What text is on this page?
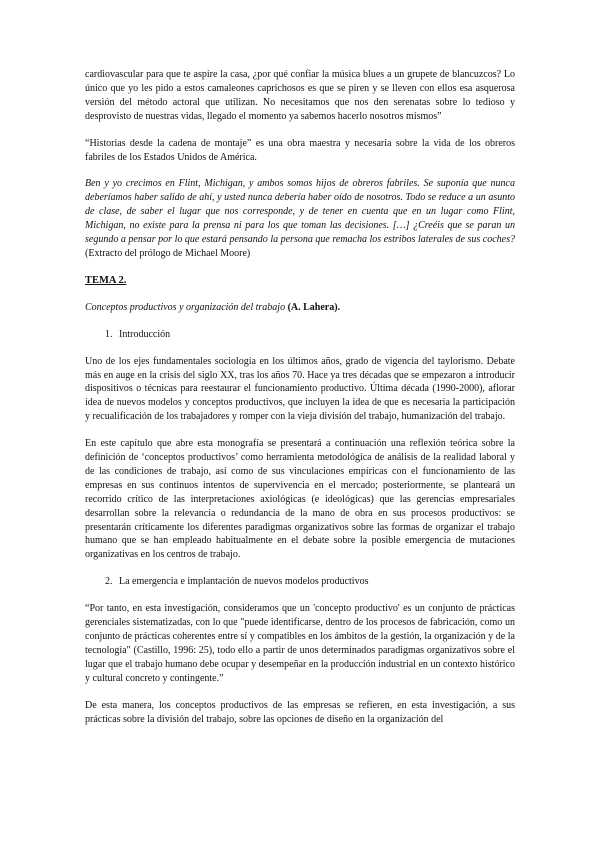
cardiovascular para que te aspire la casa, ¿por qué confiar la música blues a un grupete de blancuzcos? Lo único que yo les pido a estos camaleones caprichosos es que se piren y se lleven con ellos esa asquerosa versión del método actoral que utilizan. No necesitamos que nos den serenatas sobre lo tedioso y desprovisto de nuestras vidas, llegado el momento ya sabemos hacerlo nosotros mismos”

“Historias desde la cadena de montaje” es una obra maestra y necesaria sobre la vida de los obreros fabriles de los Estados Unidos de América.

Ben y yo crecimos en Flint, Michigan, y ambos somos hijos de obreros fabriles. Se suponía que nunca deberíamos haber salido de ahí, y usted nunca debería haber oído de nosotros. Todo se reduce a un asunto de clase, de saber el lugar que nos corresponde, y de tener en cuenta que en un lugar como Flint, Michigan, no existe para la prensa ni para los que toman las decisiones. […] ¿Creéis que se paran un segundo a pensar por lo que estará pensando la persona que remacha los estribos laterales de sus coches? (Extracto del prólogo de Michael Moore)

TEMA 2.

Conceptos productivos y organización del trabajo (A. Lahera).

1. Introducción

Uno de los ejes fundamentales sociología en los últimos años, grado de vigencia del taylorismo. Debate más en auge en la crisis del siglo XX, tras los años 70. Hace ya tres décadas que se empezaron a introducir dispositivos o técnicas para reestaurar el funcionamiento productivo. Última década (1990-2000), aflorar idea de nuevos modelos y conceptos productivos, que incluyen la idea de que es necesaria la participación y recualificación de los trabajadores y romper con la vieja división del trabajo, humanización del trabajo.

En este capítulo que abre esta monografía se presentará a continuación una reflexión teórica sobre la definición de ‘conceptos productivos’ como herramienta metodológica de análisis de la realidad laboral y de las condiciones de trabajo, así como de sus vinculaciones empíricas con el funcionamiento de las empresas en sus continuos intentos de supervivencia en el mercado; posteriormente, se planteará un recorrido crítico de las interpretaciones axiológicas (e ideológicas) que las gerencias empresariales desarrollan sobre la relevancia o redundancia de la mano de obra en sus procesos productivos: se presentarán críticamente los diferentes paradigmas organizativos sobre las formas de organizar el trabajo humano que se han empleado habitualmente en el debate sobre la posible emergencia de mutaciones organizativas en los centros de trabajo.

2. La emergencia e implantación de nuevos modelos productivos

“Por tanto, en esta investigación, consideramos que un 'concepto productivo' es un conjunto de prácticas gerenciales sistematizadas, con lo que "puede identificarse, dentro de los procesos de fabricación, como un conjunto de prácticas coherentes entre sí y compatibles en los ámbitos de la gestión, la organización y de la tecnología" (Castillo, 1996: 25), todo ello a partir de unos determinados paradigmas organizativos sobre el lugar que el trabajo humano debe ocupar y desempeñar en la producción industrial en un contexto histórico y cultural concreto y contingente.”

De esta manera, los conceptos productivos de las empresas se refieren, en esta investigación, a sus prácticas sobre la división del trabajo, sobre las opciones de diseño en la organización del
